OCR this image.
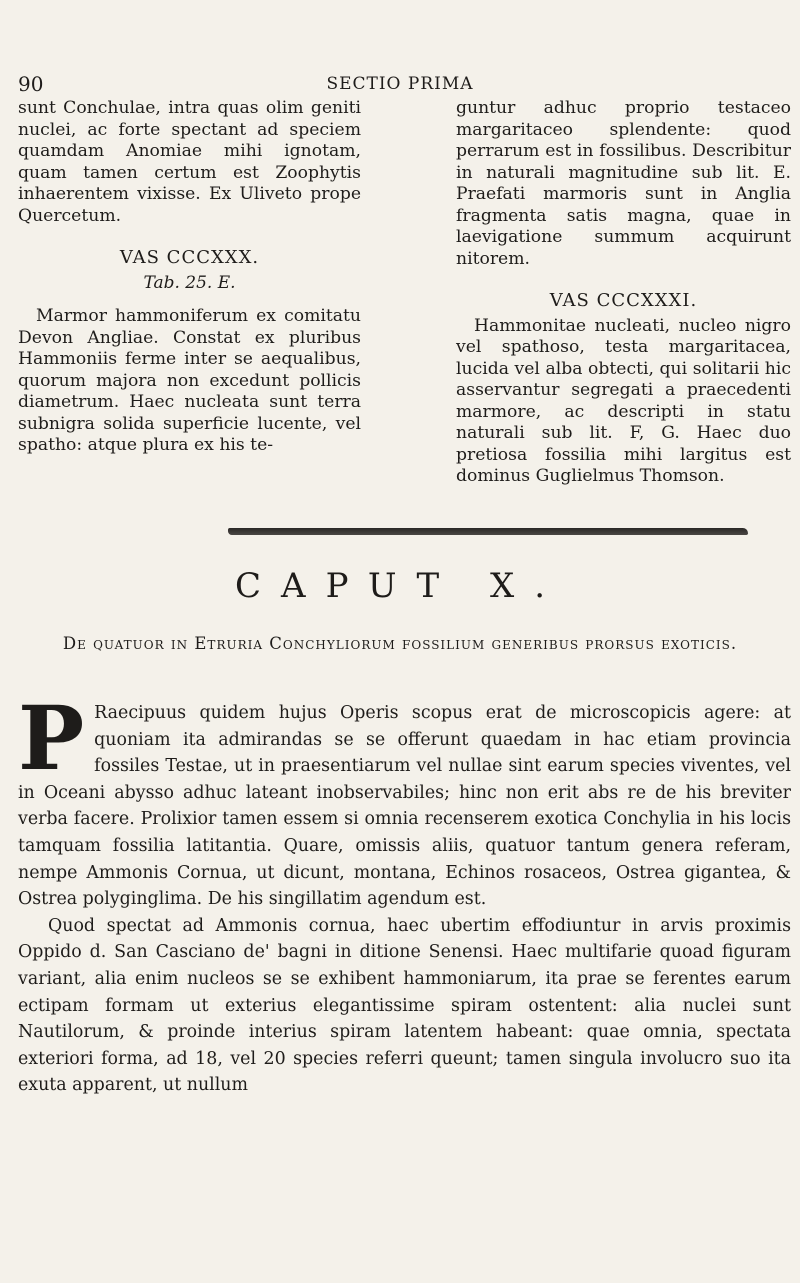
90	SECTIO PRIMA

sunt Conchulae, intra quas olim geniti nuclei, ac forte spectant ad speciem quamdam Anomiae mihi ignotam, quam tamen certum est Zoophytis inhaerentem vixisse. Ex Uliveto prope Quercetum.

VAS CCCXXX.
Tab. 25. E.

Marmor hammoniferum ex comitatu Devon Angliae. Constat ex pluribus Hammoniis ferme inter se aequalibus, quorum majora non excedunt pollicis diametrum. Haec nucleata sunt terra subnigra solida superficie lucente, vel spatho: atque plura ex his te-

guntur adhuc proprio testaceo margaritaceo splendente: quod perrarum est in fossilibus. Describitur in naturali magnitudine sub lit. E. Praefati marmoris sunt in Anglia fragmenta satis magna, quae in laevigatione summum acquirunt nitorem.

VAS CCCXXXI.

Hammonitae nucleati, nucleo nigro vel spathoso, testa margaritacea, lucida vel alba obtecti, qui solitarii hic asservantur segregati a praecedenti marmore, ac descripti in statu naturali sub lit. F, G. Haec duo pretiosa fossilia mihi largitus est dominus Guglielmus Thomson.

CAPUT X.
De quatuor in Etruria Conchyliorum fossilium generibus prorsus exoticis.
P Raecipuus quidem hujus Operis scopus erat de microscopicis agere: at quoniam ita admirandas se se offerunt quaedam in hac etiam provincia fossiles Testae, ut in praesentiarum vel nullae sint earum species viventes, vel in Oceani abysso adhuc lateant inobservabiles; hinc non erit abs re de his breviter verba facere. Prolixior tamen essem si omnia recenserem exotica Conchylia in his locis tamquam fossilia latitantia. Quare, omissis aliis, quatuor tantum genera referam, nempe Ammonis Cornua, ut dicunt, montana, Echinos rosaceos, Ostrea gigantea, & Ostrea polyginglima. De his singillatim agendum est.

Quod spectat ad Ammonis cornua, haec ubertim effodiuntur in arvis proximis Oppido d. San Casciano de' bagni in ditione Senensi. Haec multifarie quoad figuram variant, alia enim nucleos se se exhibent hammoniarum, ita prae se ferentes earum ectipam formam ut exterius elegantissime spiram ostentent: alia nuclei sunt Nautilorum, & proinde interius spiram latentem habeant: quae omnia, spectata exteriori forma, ad 18, vel 20 species referri queunt; tamen singula involucro suo ita exuta apparent, ut nullum
